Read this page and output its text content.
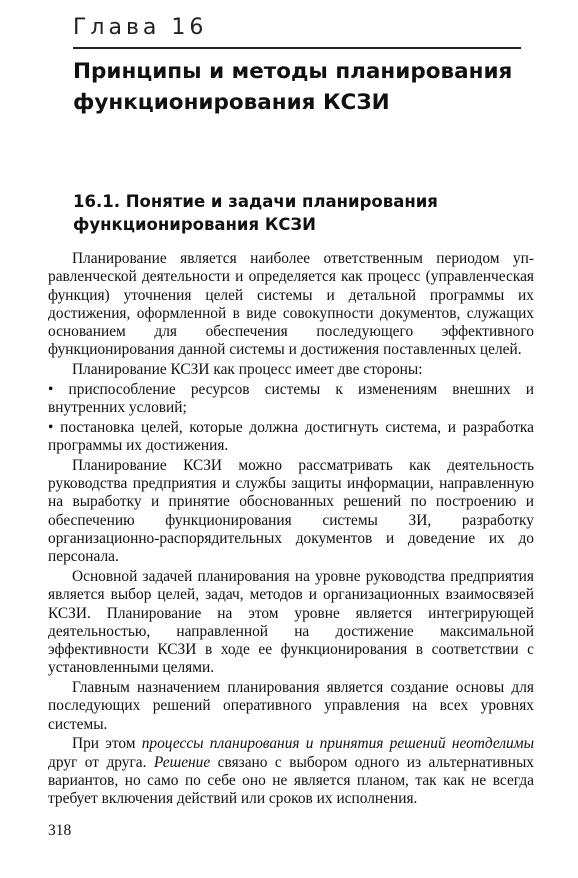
Глава 16
Принципы и методы планирования
функционирования КСЗИ
16.1. Понятие и задачи планирования
функционирования КСЗИ

Планирование является наиболее ответственным периодом управленческой деятельности и определяется как процесс (управленческая функция) уточнения целей системы и детальной программы их достижения, оформленной в виде совокупности документов, служащих основанием для обеспечения последующего эффективного функционирования данной системы и достижения поставленных целей.

Планирование КСЗИ как процесс имеет две стороны:

• приспособление ресурсов системы к изменениям внешних и внутренних условий;

• постановка целей, которые должна достигнуть система, и разработка программы их достижения.

Планирование КСЗИ можно рассматривать как деятельность руководства предприятия и службы защиты информации, направленную на выработку и принятие обоснованных решений по построению и обеспечению функционирования системы ЗИ, разработку организационно-распорядительных документов и доведение их до персонала.

Основной задачей планирования на уровне руководства предприятия является выбор целей, задач, методов и организационных взаимосвязей КСЗИ. Планирование на этом уровне является интегрирующей деятельностью, направленной на достижение максимальной эффективности КСЗИ в ходе ее функционирования в соответствии с установленными целями.

Главным назначением планирования является создание основы для последующих решений оперативного управления на всех уровнях системы.

При этом процессы планирования и принятия решений неотделимы друг от друга. Решение связано с выбором одного из альтернативных вариантов, но само по себе оно не является планом, так как не всегда требует включения действий или сроков их исполнения.

318
